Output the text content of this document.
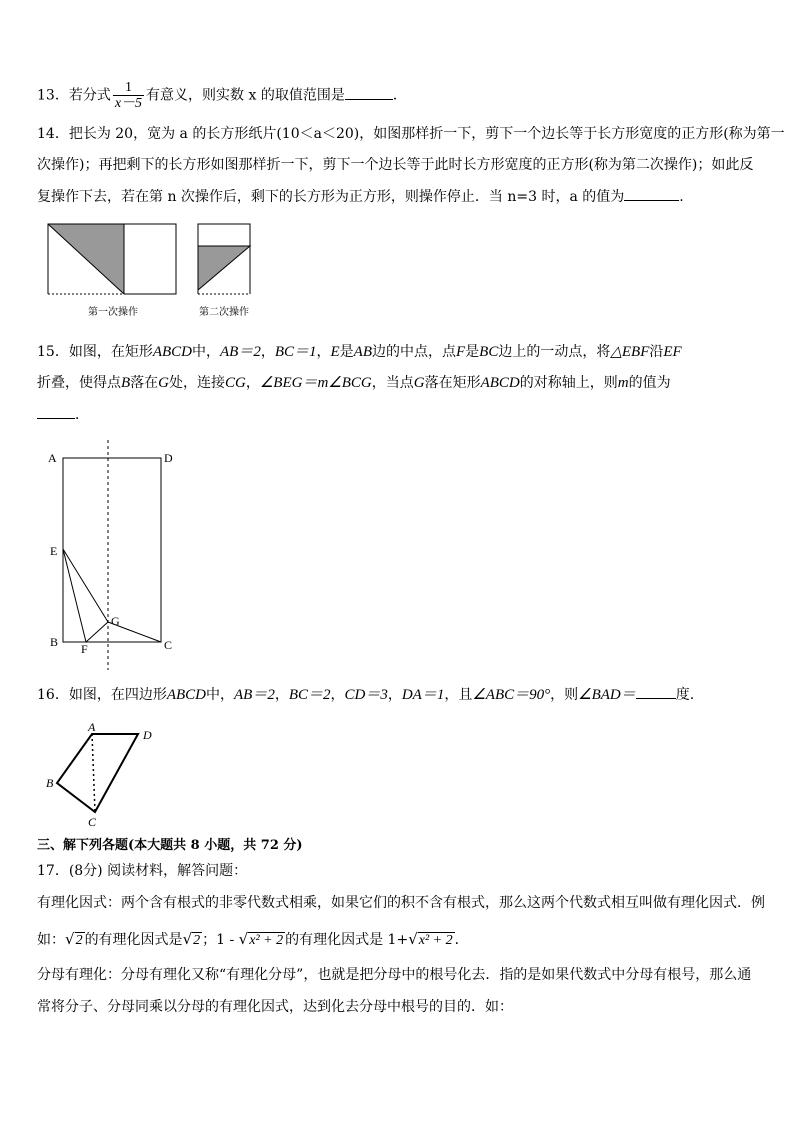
13．若分式 $\frac{1}{x-5}$ 有意义，则实数 x 的取值范围是	．
14．把长为 20，宽为 a 的长方形纸片(10＜a＜20)，如图那样折一下，剪下一个边长等于长方形宽度的正方形(称为第一
次操作)；再把剩下的长方形如图那样折一下，剪下一个边长等于此时长方形宽度的正方形(称为第二次操作)；如此反
复操作下去，若在第 n 次操作后，剩下的长方形为正方形，则操作停止．当 n=3 时，a 的值为	.
第一次操作	第二次操作
15．如图，在矩形ABCD中，AB＝2，BC＝1，E是AB边的中点，点F是BC边上的一动点，将△EBF沿EF
折叠，使得点B落在G处，连接CG，∠BEG＝m∠BCG，当点G落在矩形ABCD的对称轴上，则m的值为
．
A	D
E
G
B F	C
16．如图，在四边形ABCD中，AB＝2，BC＝2，CD＝3，DA＝1，且∠ABC＝90°，则∠BAD＝	度.
A
D
B
C
三、解下列各题(本大题共 8 小题，共 72 分)
17．(8分) 阅读材料，解答问题：
有理化因式：两个含有根式的非零代数式相乘，如果它们的积不含有根式，那么这两个代数式相互叫做有理化因式．例
如：√2 的有理化因式是√2 ；1 - √x² + 2 的有理化因式是 1+√x² + 2 ．
分母有理化：分母有理化又称“有理化分母”，也就是把分母中的根号化去．指的是如果代数式中分母有根号，那么通
常将分子、分母同乘以分母的有理化因式，达到化去分母中根号的目的．如：
